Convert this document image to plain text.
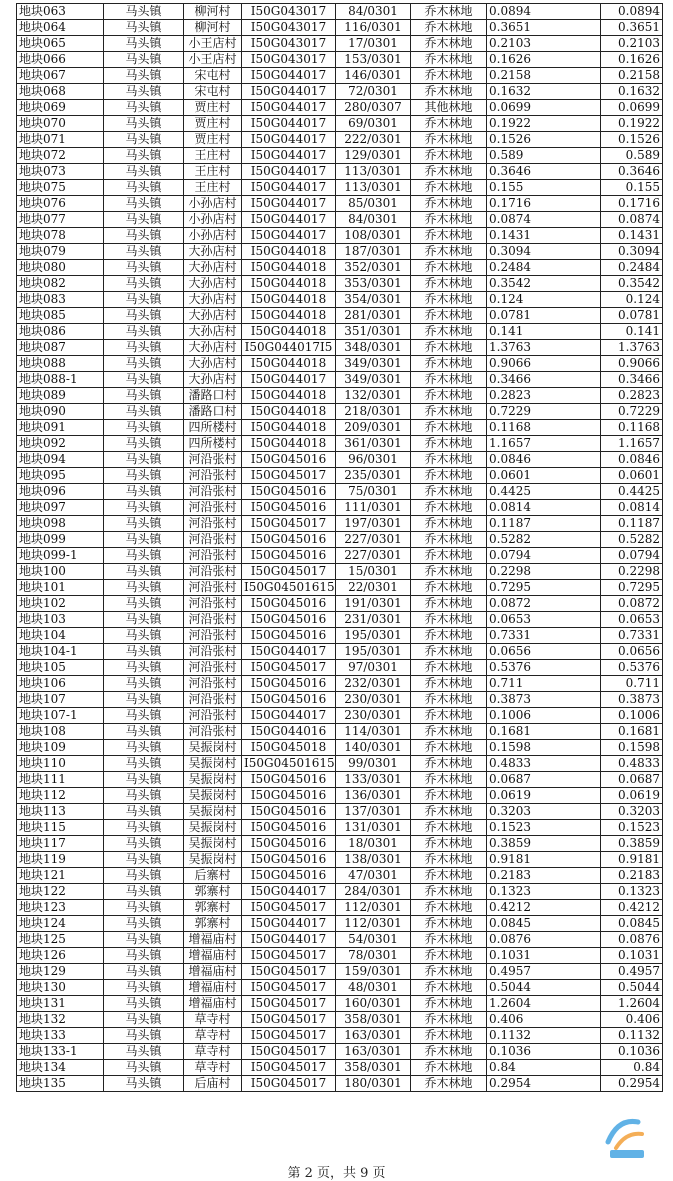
地块063	马头镇	柳河村	I50G043017	84/0301	乔木林地	0.0894	0.0894
地块064	马头镇	柳河村	I50G043017	116/0301	乔木林地	0.3651	0.3651
地块065	马头镇	小王店村	I50G043017	17/0301	乔木林地	0.2103	0.2103
地块066	马头镇	小王店村	I50G043017	153/0301	乔木林地	0.1626	0.1626
地块067	马头镇	宋屯村	I50G044017	146/0301	乔木林地	0.2158	0.2158
地块068	马头镇	宋屯村	I50G044017	72/0301	乔木林地	0.1632	0.1632
地块069	马头镇	贾庄村	I50G044017	280/0307	其他林地	0.0699	0.0699
地块070	马头镇	贾庄村	I50G044017	69/0301	乔木林地	0.1922	0.1922
地块071	马头镇	贾庄村	I50G044017	222/0301	乔木林地	0.1526	0.1526
地块072	马头镇	王庄村	I50G044017	129/0301	乔木林地	0.589	0.589
地块073	马头镇	王庄村	I50G044017	113/0301	乔木林地	0.3646	0.3646
地块075	马头镇	王庄村	I50G044017	113/0301	乔木林地	0.155	0.155
地块076	马头镇	小孙店村	I50G044017	85/0301	乔木林地	0.1716	0.1716
地块077	马头镇	小孙店村	I50G044017	84/0301	乔木林地	0.0874	0.0874
地块078	马头镇	小孙店村	I50G044017	108/0301	乔木林地	0.1431	0.1431
地块079	马头镇	大孙店村	I50G044018	187/0301	乔木林地	0.3094	0.3094
地块080	马头镇	大孙店村	I50G044018	352/0301	乔木林地	0.2484	0.2484
地块082	马头镇	大孙店村	I50G044018	353/0301	乔木林地	0.3542	0.3542
地块083	马头镇	大孙店村	I50G044018	354/0301	乔木林地	0.124	0.124
地块085	马头镇	大孙店村	I50G044018	281/0301	乔木林地	0.0781	0.0781
地块086	马头镇	大孙店村	I50G044018	351/0301	乔木林地	0.141	0.141
地块087	马头镇	大孙店村	I50G044017I5	348/0301	乔木林地	1.3763	1.3763
地块088	马头镇	大孙店村	I50G044018	349/0301	乔木林地	0.9066	0.9066
地块088-1	马头镇	大孙店村	I50G044017	349/0301	乔木林地	0.3466	0.3466
地块089	马头镇	潘路口村	I50G044018	132/0301	乔木林地	0.2823	0.2823
地块090	马头镇	潘路口村	I50G044018	218/0301	乔木林地	0.7229	0.7229
地块091	马头镇	四所楼村	I50G044018	209/0301	乔木林地	0.1168	0.1168
地块092	马头镇	四所楼村	I50G044018	361/0301	乔木林地	1.1657	1.1657
地块094	马头镇	河沿张村	I50G045016	96/0301	乔木林地	0.0846	0.0846
地块095	马头镇	河沿张村	I50G045017	235/0301	乔木林地	0.0601	0.0601
地块096	马头镇	河沿张村	I50G045016	75/0301	乔木林地	0.4425	0.4425
地块097	马头镇	河沿张村	I50G045016	111/0301	乔木林地	0.0814	0.0814
地块098	马头镇	河沿张村	I50G045017	197/0301	乔木林地	0.1187	0.1187
地块099	马头镇	河沿张村	I50G045016	227/0301	乔木林地	0.5282	0.5282
地块099-1	马头镇	河沿张村	I50G045016	227/0301	乔木林地	0.0794	0.0794
地块100	马头镇	河沿张村	I50G045017	15/0301	乔木林地	0.2298	0.2298
地块101	马头镇	河沿张村	I50G04501615	22/0301	乔木林地	0.7295	0.7295
地块102	马头镇	河沿张村	I50G045016	191/0301	乔木林地	0.0872	0.0872
地块103	马头镇	河沿张村	I50G045016	231/0301	乔木林地	0.0653	0.0653
地块104	马头镇	河沿张村	I50G045016	195/0301	乔木林地	0.7331	0.7331
地块104-1	马头镇	河沿张村	I50G044017	195/0301	乔木林地	0.0656	0.0656
地块105	马头镇	河沿张村	I50G045017	97/0301	乔木林地	0.5376	0.5376
地块106	马头镇	河沿张村	I50G045016	232/0301	乔木林地	0.711	0.711
地块107	马头镇	河沿张村	I50G045016	230/0301	乔木林地	0.3873	0.3873
地块107-1	马头镇	河沿张村	I50G044017	230/0301	乔木林地	0.1006	0.1006
地块108	马头镇	河沿张村	I50G044016	114/0301	乔木林地	0.1681	0.1681
地块109	马头镇	吴振岗村	I50G045018	140/0301	乔木林地	0.1598	0.1598
地块110	马头镇	吴振岗村	I50G04501615	99/0301	乔木林地	0.4833	0.4833
地块111	马头镇	吴振岗村	I50G045016	133/0301	乔木林地	0.0687	0.0687
地块112	马头镇	吴振岗村	I50G045016	136/0301	乔木林地	0.0619	0.0619
地块113	马头镇	吴振岗村	I50G045016	137/0301	乔木林地	0.3203	0.3203
地块115	马头镇	吴振岗村	I50G045016	131/0301	乔木林地	0.1523	0.1523
地块117	马头镇	吴振岗村	I50G045016	18/0301	乔木林地	0.3859	0.3859
地块119	马头镇	吴振岗村	I50G045016	138/0301	乔木林地	0.9181	0.9181
地块121	马头镇	后寨村	I50G045016	47/0301	乔木林地	0.2183	0.2183
地块122	马头镇	郭寨村	I50G044017	284/0301	乔木林地	0.1323	0.1323
地块123	马头镇	郭寨村	I50G045017	112/0301	乔木林地	0.4212	0.4212
地块124	马头镇	郭寨村	I50G044017	112/0301	乔木林地	0.0845	0.0845
地块125	马头镇	增福庙村	I50G044017	54/0301	乔木林地	0.0876	0.0876
地块126	马头镇	增福庙村	I50G045017	78/0301	乔木林地	0.1031	0.1031
地块129	马头镇	增福庙村	I50G045017	159/0301	乔木林地	0.4957	0.4957
地块130	马头镇	增福庙村	I50G045017	48/0301	乔木林地	0.5044	0.5044
地块131	马头镇	增福庙村	I50G045017	160/0301	乔木林地	1.2604	1.2604
地块132	马头镇	草寺村	I50G045017	358/0301	乔木林地	0.406	0.406
地块133	马头镇	草寺村	I50G045017	163/0301	乔木林地	0.1132	0.1132
地块133-1	马头镇	草寺村	I50G045017	163/0301	乔木林地	0.1036	0.1036
地块134	马头镇	草寺村	I50G045017	358/0301	乔木林地	0.84	0.84
地块135	马头镇	后庙村	I50G045017	180/0301	乔木林地	0.2954	0.2954
第 2 页，共 9 页
